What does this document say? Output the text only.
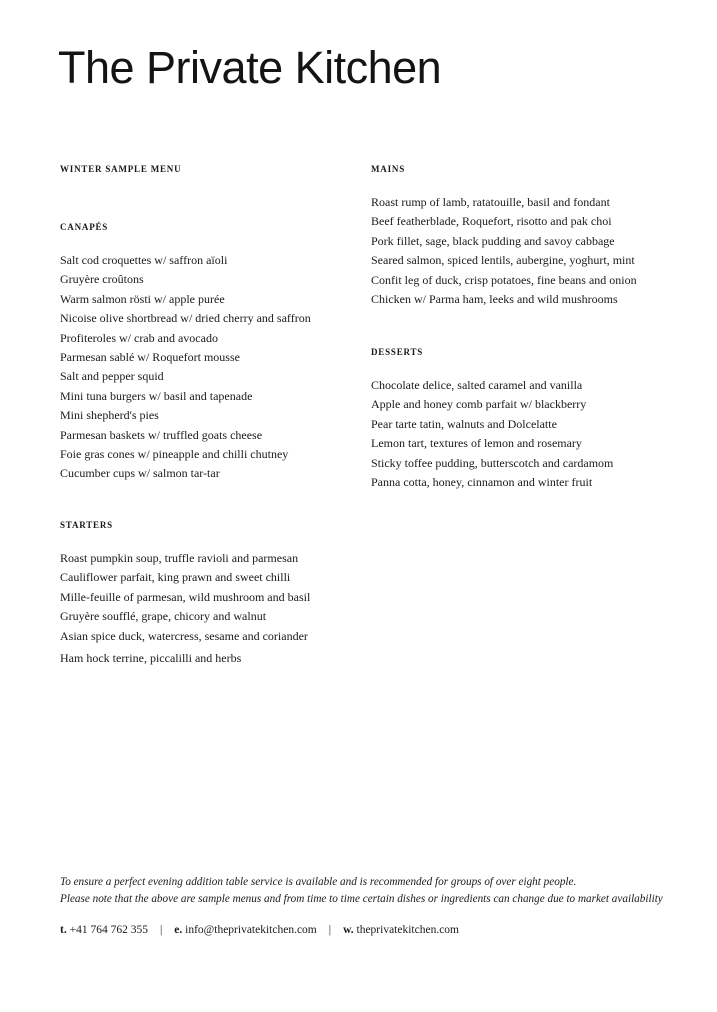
The Private Kitchen
WINTER SAMPLE MENU
CANAPÉS
Salt cod croquettes w/ saffron aïoli
Gruyère croûtons
Warm salmon rösti w/ apple purée
Nicoise olive shortbread w/ dried cherry and saffron
Profiteroles w/ crab and avocado
Parmesan sablé w/ Roquefort mousse
Salt and pepper squid
Mini tuna burgers w/ basil and tapenade
Mini shepherd's pies
Parmesan baskets w/ truffled goats cheese
Foie gras cones w/ pineapple and chilli chutney
Cucumber cups w/ salmon tar-tar
STARTERS
Roast pumpkin soup, truffle ravioli and parmesan
Cauliflower parfait, king prawn and sweet chilli
Mille-feuille of parmesan, wild mushroom and basil
Gruyère soufflé, grape, chicory and walnut
Asian spice duck, watercress, sesame and coriander
Ham hock terrine, piccalilli and herbs
MAINS
Roast rump of lamb, ratatouille, basil and fondant
Beef featherblade, Roquefort, risotto and pak choi
Pork fillet, sage, black pudding and savoy cabbage
Seared salmon, spiced lentils, aubergine, yoghurt, mint
Confit leg of duck, crisp potatoes, fine beans and onion
Chicken w/ Parma ham, leeks and wild mushrooms
DESSERTS
Chocolate delice, salted caramel and vanilla
Apple and honey comb parfait w/ blackberry
Pear tarte tatin, walnuts and Dolcelatte
Lemon tart, textures of lemon and rosemary
Sticky toffee pudding, butterscotch and cardamom
Panna cotta, honey, cinnamon and winter fruit
To ensure a perfect evening addition table service is available and is recommended for groups of over eight people.
Please note that the above are sample menus and from time to time certain dishes or ingredients can change due to market availability
t. +41 764 762 355 | e. info@theprivatekitchen.com | w. theprivatekitchen.com
